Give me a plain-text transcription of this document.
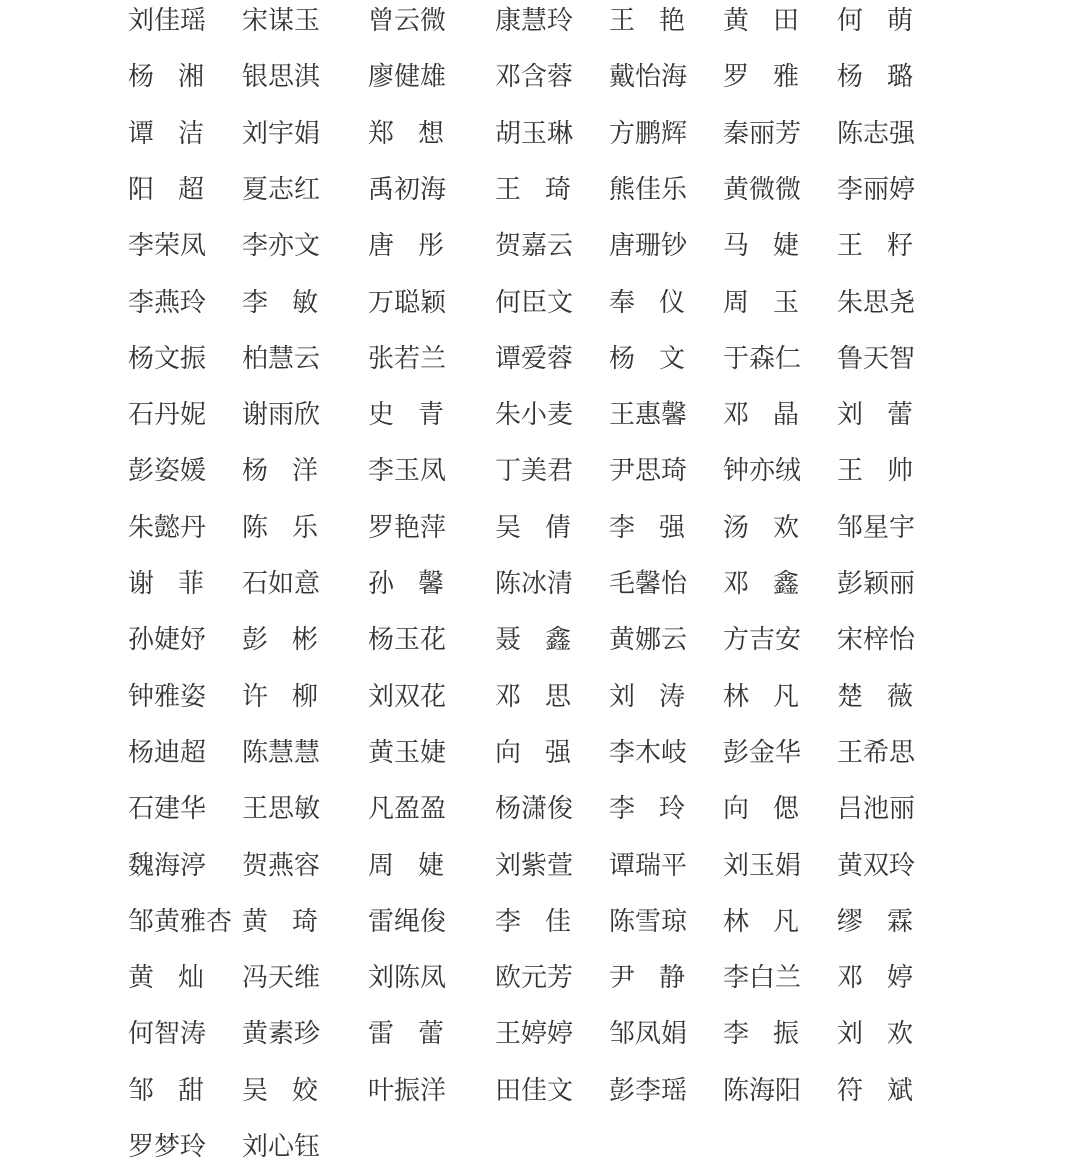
刘 佳 瑶 宋 谋 玉 曾 云 微 康 慧 玲 王 艳 黄 田 何 萌
杨 湘 银 思 淇 廖 健 雄 邓 含 蓉 戴 怡 海 罗 雅 杨 璐
谭 洁 刘 宇 娟 郑 想 胡 玉 琳 方 鹏 辉 秦 丽 芳 陈 志 强
阳 超 夏 志 红 禹 初 海 王 琦 熊 佳 乐 黄 微 微 李 丽 婷
李 荣 凤 李 亦 文 唐 彤 贺 嘉 云 唐 珊 钞 马 婕 王 籽
李 燕 玲 李 敏 万 聪 颖 何 臣 文 奉 仪 周 玉 朱 思 尧
杨 文 振 柏 慧 云 张 若 兰 谭 爱 蓉 杨 文 于 森 仁 鲁 天 智
石 丹 妮 谢 雨 欣 史 青 朱 小 麦 王 惠 馨 邓 晶 刘 蕾
彭 姿 媛 杨 洋 李 玉 凤 丁 美 君 尹 思 琦 钟 亦 绒 王 帅
朱 懿 丹 陈 乐 罗 艳 萍 吴 倩 李 强 汤 欢 邹 星 宇
谢 菲 石 如 意 孙 馨 陈 冰 清 毛 馨 怡 邓 鑫 彭 颖 丽
孙 婕 妤 彭 彬 杨 玉 花 聂 鑫 黄 娜 云 方 吉 安 宋 梓 怡
钟 雅 姿 许 柳 刘 双 花 邓 思 刘 涛 林 凡 楚 薇
杨 迪 超 陈 慧 慧 黄 玉 婕 向 强 李 木 岐 彭 金 华 王 希 思
石 建 华 王 思 敏 凡 盈 盈 杨 潇 俊 李 玲 向 偲 吕 池 丽
魏 海 渟 贺 燕 容 周 婕 刘 紫 萱 谭 瑞 平 刘 玉 娟 黄 双 玲
邹 黄 雅 杏 黄 琦 雷 绳 俊 李 佳 陈 雪 琼 林 凡 缪 霖
黄 灿 冯 天 维 刘 陈 凤 欧 元 芳 尹 静 李 白 兰 邓 婷
何 智 涛 黄 素 珍 雷 蕾 王 婷 婷 邹 凤 娟 李 振 刘 欢
邹 甜 吴 姣 叶 振 洋 田 佳 文 彭 李 瑶 陈 海 阳 符 斌
罗 梦 玲 刘 心 钰
